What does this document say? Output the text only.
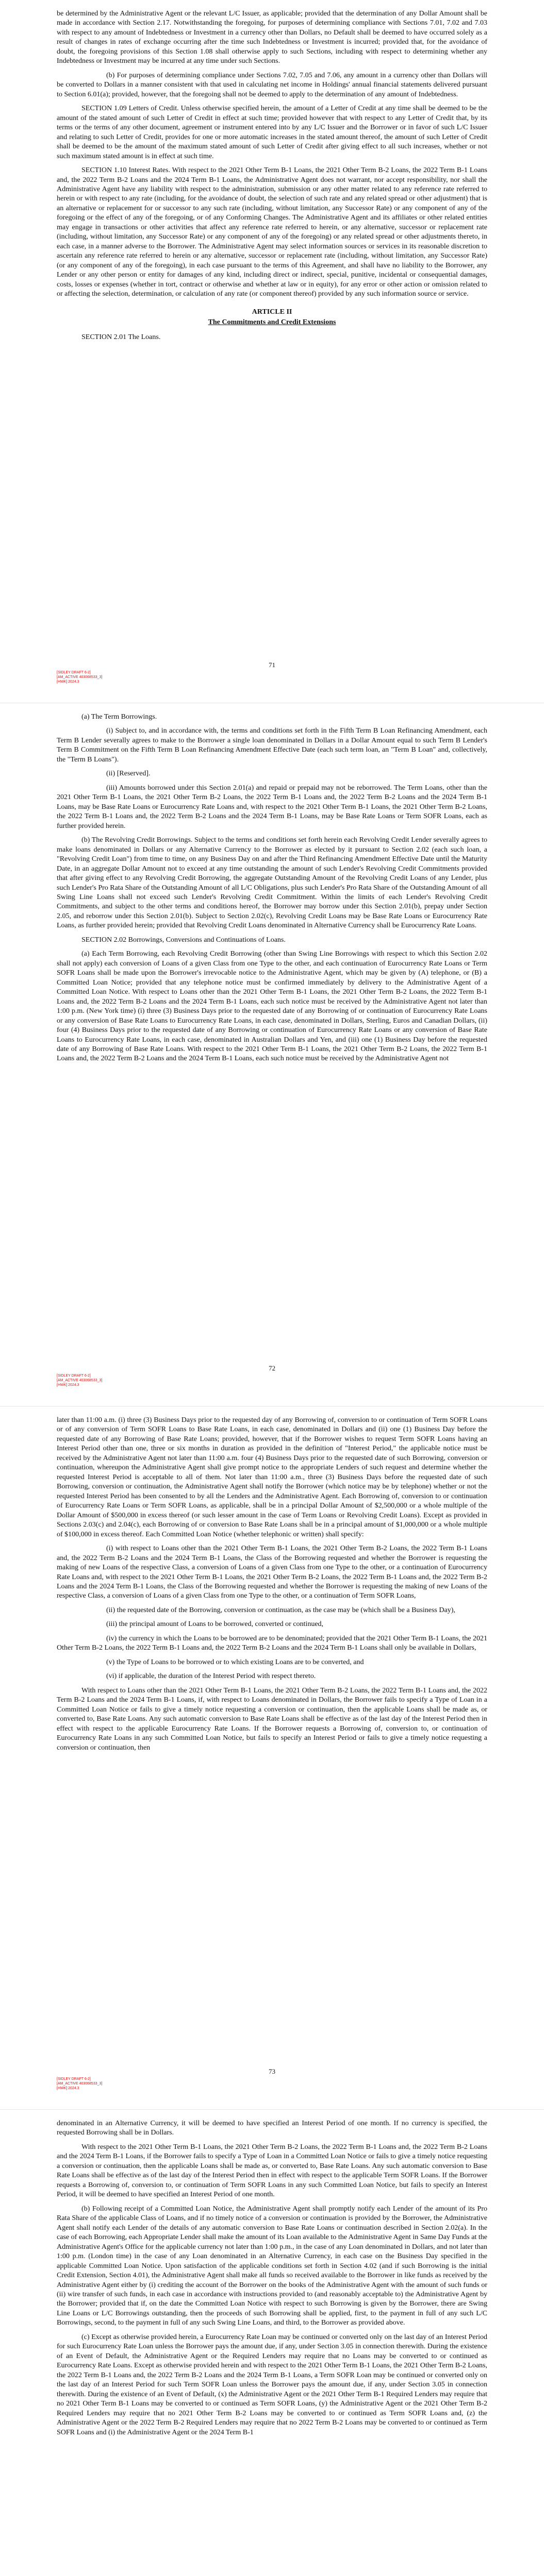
be determined by the Administrative Agent or the relevant L/C Issuer, as applicable; provided that the determination of any Dollar Amount shall be made in accordance with Section 2.17. Notwithstanding the foregoing, for purposes of determining compliance with Sections 7.01, 7.02 and 7.03 with respect to any amount of Indebtedness or Investment in a currency other than Dollars, no Default shall be deemed to have occurred solely as a result of changes in rates of exchange occurring after the time such Indebtedness or Investment is incurred; provided that, for the avoidance of doubt, the foregoing provisions of this Section 1.08 shall otherwise apply to such Sections, including with respect to determining whether any Indebtedness or Investment may be incurred at any time under such Sections.

(b) For purposes of determining compliance under Sections 7.02, 7.05 and 7.06, any amount in a currency other than Dollars will be converted to Dollars in a manner consistent with that used in calculating net income in Holdings' annual financial statements delivered pursuant to Section 6.01(a); provided, however, that the foregoing shall not be deemed to apply to the determination of any amount of Indebtedness.

SECTION 1.09 Letters of Credit. Unless otherwise specified herein, the amount of a Letter of Credit at any time shall be deemed to be the amount of the stated amount of such Letter of Credit in effect at such time; provided however that with respect to any Letter of Credit that, by its terms or the terms of any other document, agreement or instrument entered into by any L/C Issuer and the Borrower or in favor of such L/C Issuer and relating to such Letter of Credit, provides for one or more automatic increases in the stated amount thereof, the amount of such Letter of Credit shall be deemed to be the amount of the maximum stated amount of such Letter of Credit after giving effect to all such increases, whether or not such maximum stated amount is in effect at such time.

SECTION 1.10 Interest Rates. With respect to the 2021 Other Term B-1 Loans, the 2021 Other Term B-2 Loans, the 2022 Term B-1 Loans and, the 2022 Term B-2 Loans and the 2024 Term B-1 Loans, the Administrative Agent does not warrant, nor accept responsibility, nor shall the Administrative Agent have any liability with respect to the administration, submission or any other matter related to any reference rate referred to herein or with respect to any rate (including, for the avoidance of doubt, the selection of such rate and any related spread or other adjustment) that is an alternative or replacement for or successor to any such rate (including, without limitation, any Successor Rate) or any component of any of the foregoing or the effect of any of the foregoing, or of any Conforming Changes. The Administrative Agent and its affiliates or other related entities may engage in transactions or other activities that affect any reference rate referred to herein, or any alternative, successor or replacement rate (including, without limitation, any Successor Rate) or any component of any of the foregoing) or any related spread or other adjustments thereto, in each case, in a manner adverse to the Borrower. The Administrative Agent may select information sources or services in its reasonable discretion to ascertain any reference rate referred to herein or any alternative, successor or replacement rate (including, without limitation, any Successor Rate) (or any component of any of the foregoing), in each case pursuant to the terms of this Agreement, and shall have no liability to the Borrower, any Lender or any other person or entity for damages of any kind, including direct or indirect, special, punitive, incidental or consequential damages, costs, losses or expenses (whether in tort, contract or otherwise and whether at law or in equity), for any error or other action or omission related to or affecting the selection, determination, or calculation of any rate (or component thereof) provided by any such information source or service.

ARTICLE II
The Commitments and Credit Extensions

SECTION 2.01 The Loans.

71
[SIDLEY DRAFT 6-2]
[AM_ACTIVE 403068533_3]
[HWK] 2024.3

(a) The Term Borrowings.

(i) Subject to, and in accordance with, the terms and conditions set forth in the Fifth Term B Loan Refinancing Amendment, each Term B Lender severally agrees to make to the Borrower a single loan denominated in Dollars in a Dollar Amount equal to such Term B Lender's Term B Commitment on the Fifth Term B Loan Refinancing Amendment Effective Date (each such term loan, an "Term B Loan" and, collectively, the "Term B Loans").

(ii) [Reserved].

(iii) Amounts borrowed under this Section 2.01(a) and repaid or prepaid may not be reborrowed. The Term Loans, other than the 2021 Other Term B-1 Loans, the 2021 Other Term B-2 Loans, the 2022 Term B-1 Loans and, the 2022 Term B-2 Loans and the 2024 Term B-1 Loans, may be Base Rate Loans or Eurocurrency Rate Loans and, with respect to the 2021 Other Term B-1 Loans, the 2021 Other Term B-2 Loans, the 2022 Term B-1 Loans and, the 2022 Term B-2 Loans and the 2024 Term B-1 Loans, may be Base Rate Loans or Term SOFR Loans, each as further provided herein.

(b) The Revolving Credit Borrowings. Subject to the terms and conditions set forth herein each Revolving Credit Lender severally agrees to make loans denominated in Dollars or any Alternative Currency to the Borrower as elected by it pursuant to Section 2.02 (each such loan, a "Revolving Credit Loan") from time to time, on any Business Day on and after the Third Refinancing Amendment Effective Date until the Maturity Date, in an aggregate Dollar Amount not to exceed at any time outstanding the amount of such Lender's Revolving Credit Commitments provided that after giving effect to any Revolving Credit Borrowing, the aggregate Outstanding Amount of the Revolving Credit Loans of any Lender, plus such Lender's Pro Rata Share of the Outstanding Amount of all L/C Obligations, plus such Lender's Pro Rata Share of the Outstanding Amount of all Swing Line Loans shall not exceed such Lender's Revolving Credit Commitment. Within the limits of each Lender's Revolving Credit Commitments, and subject to the other terms and conditions hereof, the Borrower may borrow under this Section 2.01(b), prepay under Section 2.05, and reborrow under this Section 2.01(b). Subject to Section 2.02(c), Revolving Credit Loans may be Base Rate Loans or Eurocurrency Rate Loans, as further provided herein; provided that Revolving Credit Loans denominated in Alternative Currency shall be Eurocurrency Rate Loans.

SECTION 2.02 Borrowings, Conversions and Continuations of Loans.

(a) Each Term Borrowing, each Revolving Credit Borrowing (other than Swing Line Borrowings with respect to which this Section 2.02 shall not apply) each conversion of Loans of a given Class from one Type to the other, and each continuation of Eurocurrency Rate Loans or Term SOFR Loans shall be made upon the Borrower's irrevocable notice to the Administrative Agent, which may be given by (A) telephone, or (B) a Committed Loan Notice; provided that any telephone notice must be confirmed immediately by delivery to the Administrative Agent of a Committed Loan Notice. With respect to Loans other than the 2021 Other Term B-1 Loans, the 2021 Other Term B-2 Loans, the 2022 Term B-1 Loans and, the 2022 Term B-2 Loans and the 2024 Term B-1 Loans, each such notice must be received by the Administrative Agent not later than 1:00 p.m. (New York time) (i) three (3) Business Days prior to the requested date of any Borrowing of or continuation of Eurocurrency Rate Loans or any conversion of Base Rate Loans to Eurocurrency Rate Loans, in each case, denominated in Dollars, Sterling, Euros and Canadian Dollars, (ii) four (4) Business Days prior to the requested date of any Borrowing or continuation of Eurocurrency Rate Loans or any conversion of Base Rate Loans to Eurocurrency Rate Loans, in each case, denominated in Australian Dollars and Yen, and (iii) one (1) Business Day before the requested date of any Borrowing of Base Rate Loans. With respect to the 2021 Other Term B-1 Loans, the 2021 Other Term B-2 Loans, the 2022 Term B-1 Loans and, the 2022 Term B-2 Loans and the 2024 Term B-1 Loans, each such notice must be received by the Administrative Agent not

72
[SIDLEY DRAFT 6-2]
[AM_ACTIVE 403068533_3]
[HWK] 2024.3

later than 11:00 a.m. (i) three (3) Business Days prior to the requested day of any Borrowing of, conversion to or continuation of Term SOFR Loans or of any conversion of Term SOFR Loans to Base Rate Loans, in each case, denominated in Dollars and (ii) one (1) Business Day before the requested date of any Borrowing of Base Rate Loans; provided, however, that if the Borrower wishes to request Term SOFR Loans having an Interest Period other than one, three or six months in duration as provided in the definition of "Interest Period," the applicable notice must be received by the Administrative Agent not later than 11:00 a.m. four (4) Business Days prior to the requested date of such Borrowing, conversion or continuation, whereupon the Administrative Agent shall give prompt notice to the appropriate Lenders of such request and determine whether the requested Interest Period is acceptable to all of them. Not later than 11:00 a.m., three (3) Business Days before the requested date of such Borrowing, conversion or continuation, the Administrative Agent shall notify the Borrower (which notice may be by telephone) whether or not the requested Interest Period has been consented to by all the Lenders and the Administrative Agent. Each Borrowing of, conversion to or continuation of Eurocurrency Rate Loans or Term SOFR Loans, as applicable, shall be in a principal Dollar Amount of $2,500,000 or a whole multiple of the Dollar Amount of $500,000 in excess thereof (or such lesser amount in the case of Term Loans or Revolving Credit Loans). Except as provided in Sections 2.03(c) and 2.04(c), each Borrowing of or conversion to Base Rate Loans shall be in a principal amount of $1,000,000 or a whole multiple of $100,000 in excess thereof. Each Committed Loan Notice (whether telephonic or written) shall specify:

(i) with respect to Loans other than the 2021 Other Term B-1 Loans, the 2021 Other Term B-2 Loans, the 2022 Term B-1 Loans and, the 2022 Term B-2 Loans and the 2024 Term B-1 Loans, the Class of the Borrowing requested and whether the Borrower is requesting the making of new Loans of the respective Class, a conversion of Loans of a given Class from one Type to the other, or a continuation of Eurocurrency Rate Loans and, with respect to the 2021 Other Term B-1 Loans, the 2021 Other Term B-2 Loans, the 2022 Term B-1 Loans and, the 2022 Term B-2 Loans and the 2024 Term B-1 Loans, the Class of the Borrowing requested and whether the Borrower is requesting the making of new Loans of the respective Class, a conversion of Loans of a given Class from one Type to the other, or a continuation of Term SOFR Loans,

(ii) the requested date of the Borrowing, conversion or continuation, as the case may be (which shall be a Business Day),

(iii) the principal amount of Loans to be borrowed, converted or continued,

(iv) the currency in which the Loans to be borrowed are to be denominated; provided that the 2021 Other Term B-1 Loans, the 2021 Other Term B-2 Loans, the 2022 Term B-1 Loans and, the 2022 Term B-2 Loans and the 2024 Term B-1 Loans shall only be available in Dollars,

(v) the Type of Loans to be borrowed or to which existing Loans are to be converted, and

(vi) if applicable, the duration of the Interest Period with respect thereto.

With respect to Loans other than the 2021 Other Term B-1 Loans, the 2021 Other Term B-2 Loans, the 2022 Term B-1 Loans and, the 2022 Term B-2 Loans and the 2024 Term B-1 Loans, if, with respect to Loans denominated in Dollars, the Borrower fails to specify a Type of Loan in a Committed Loan Notice or fails to give a timely notice requesting a conversion or continuation, then the applicable Loans shall be made as, or converted to, Base Rate Loans. Any such automatic conversion to Base Rate Loans shall be effective as of the last day of the Interest Period then in effect with respect to the applicable Eurocurrency Rate Loans. If the Borrower requests a Borrowing of, conversion to, or continuation of Eurocurrency Rate Loans in any such Committed Loan Notice, but fails to specify an Interest Period or fails to give a timely notice requesting a conversion or continuation, then

73
[SIDLEY DRAFT 6-2]
[AM_ACTIVE 403068533_3]
[HWK] 2024.3

denominated in an Alternative Currency, it will be deemed to have specified an Interest Period of one month. If no currency is specified, the requested Borrowing shall be in Dollars.

With respect to the 2021 Other Term B-1 Loans, the 2021 Other Term B-2 Loans, the 2022 Term B-1 Loans and, the 2022 Term B-2 Loans and the 2024 Term B-1 Loans, if the Borrower fails to specify a Type of Loan in a Committed Loan Notice or fails to give a timely notice requesting a conversion or continuation, then the applicable Loans shall be made as, or converted to, Base Rate Loans. Any such automatic conversion to Base Rate Loans shall be effective as of the last day of the Interest Period then in effect with respect to the applicable Term SOFR Loans. If the Borrower requests a Borrowing of, conversion to, or continuation of Term SOFR Loans in any such Committed Loan Notice, but fails to specify an Interest Period, it will be deemed to have specified an Interest Period of one month.

(b) Following receipt of a Committed Loan Notice, the Administrative Agent shall promptly notify each Lender of the amount of its Pro Rata Share of the applicable Class of Loans, and if no timely notice of a conversion or continuation is provided by the Borrower, the Administrative Agent shall notify each Lender of the details of any automatic conversion to Base Rate Loans or continuation described in Section 2.02(a). In the case of each Borrowing, each Appropriate Lender shall make the amount of its Loan available to the Administrative Agent in Same Day Funds at the Administrative Agent's Office for the applicable currency not later than 1:00 p.m., in the case of any Loan denominated in Dollars, and not later than 1:00 p.m. (London time) in the case of any Loan denominated in an Alternative Currency, in each case on the Business Day specified in the applicable Committed Loan Notice. Upon satisfaction of the applicable conditions set forth in Section 4.02 (and if such Borrowing is the initial Credit Extension, Section 4.01), the Administrative Agent shall make all funds so received available to the Borrower in like funds as received by the Administrative Agent either by (i) crediting the account of the Borrower on the books of the Administrative Agent with the amount of such funds or (ii) wire transfer of such funds, in each case in accordance with instructions provided to (and reasonably acceptable to) the Administrative Agent by the Borrower; provided that if, on the date the Committed Loan Notice with respect to such Borrowing is given by the Borrower, there are Swing Line Loans or L/C Borrowings outstanding, then the proceeds of such Borrowing shall be applied, first, to the payment in full of any such L/C Borrowings, second, to the payment in full of any such Swing Line Loans, and third, to the Borrower as provided above.

(c) Except as otherwise provided herein, a Eurocurrency Rate Loan may be continued or converted only on the last day of an Interest Period for such Eurocurrency Rate Loan unless the Borrower pays the amount due, if any, under Section 3.05 in connection therewith. During the existence of an Event of Default, the Administrative Agent or the Required Lenders may require that no Loans may be converted to or continued as Eurocurrency Rate Loans. Except as otherwise provided herein and with respect to the 2021 Other Term B-1 Loans, the 2021 Other Term B-2 Loans, the 2022 Term B-1 Loans and, the 2022 Term B-2 Loans and the 2024 Term B-1 Loans, a Term SOFR Loan may be continued or converted only on the last day of an Interest Period for such Term SOFR Loan unless the Borrower pays the amount due, if any, under Section 3.05 in connection therewith. During the existence of an Event of Default, (x) the Administrative Agent or the 2021 Other Term B-1 Required Lenders may require that no 2021 Other Term B-1 Loans may be converted to or continued as Term SOFR Loans, (y) the Administrative Agent or the 2021 Other Term B-2 Required Lenders may require that no 2021 Other Term B-2 Loans may be converted to or continued as Term SOFR Loans and, (z) the Administrative Agent or the 2022 Term B-2 Required Lenders may require that no 2022 Term B-2 Loans may be converted to or continued as Term SOFR Loans and (i) the Administrative Agent or the 2024 Term B-1
